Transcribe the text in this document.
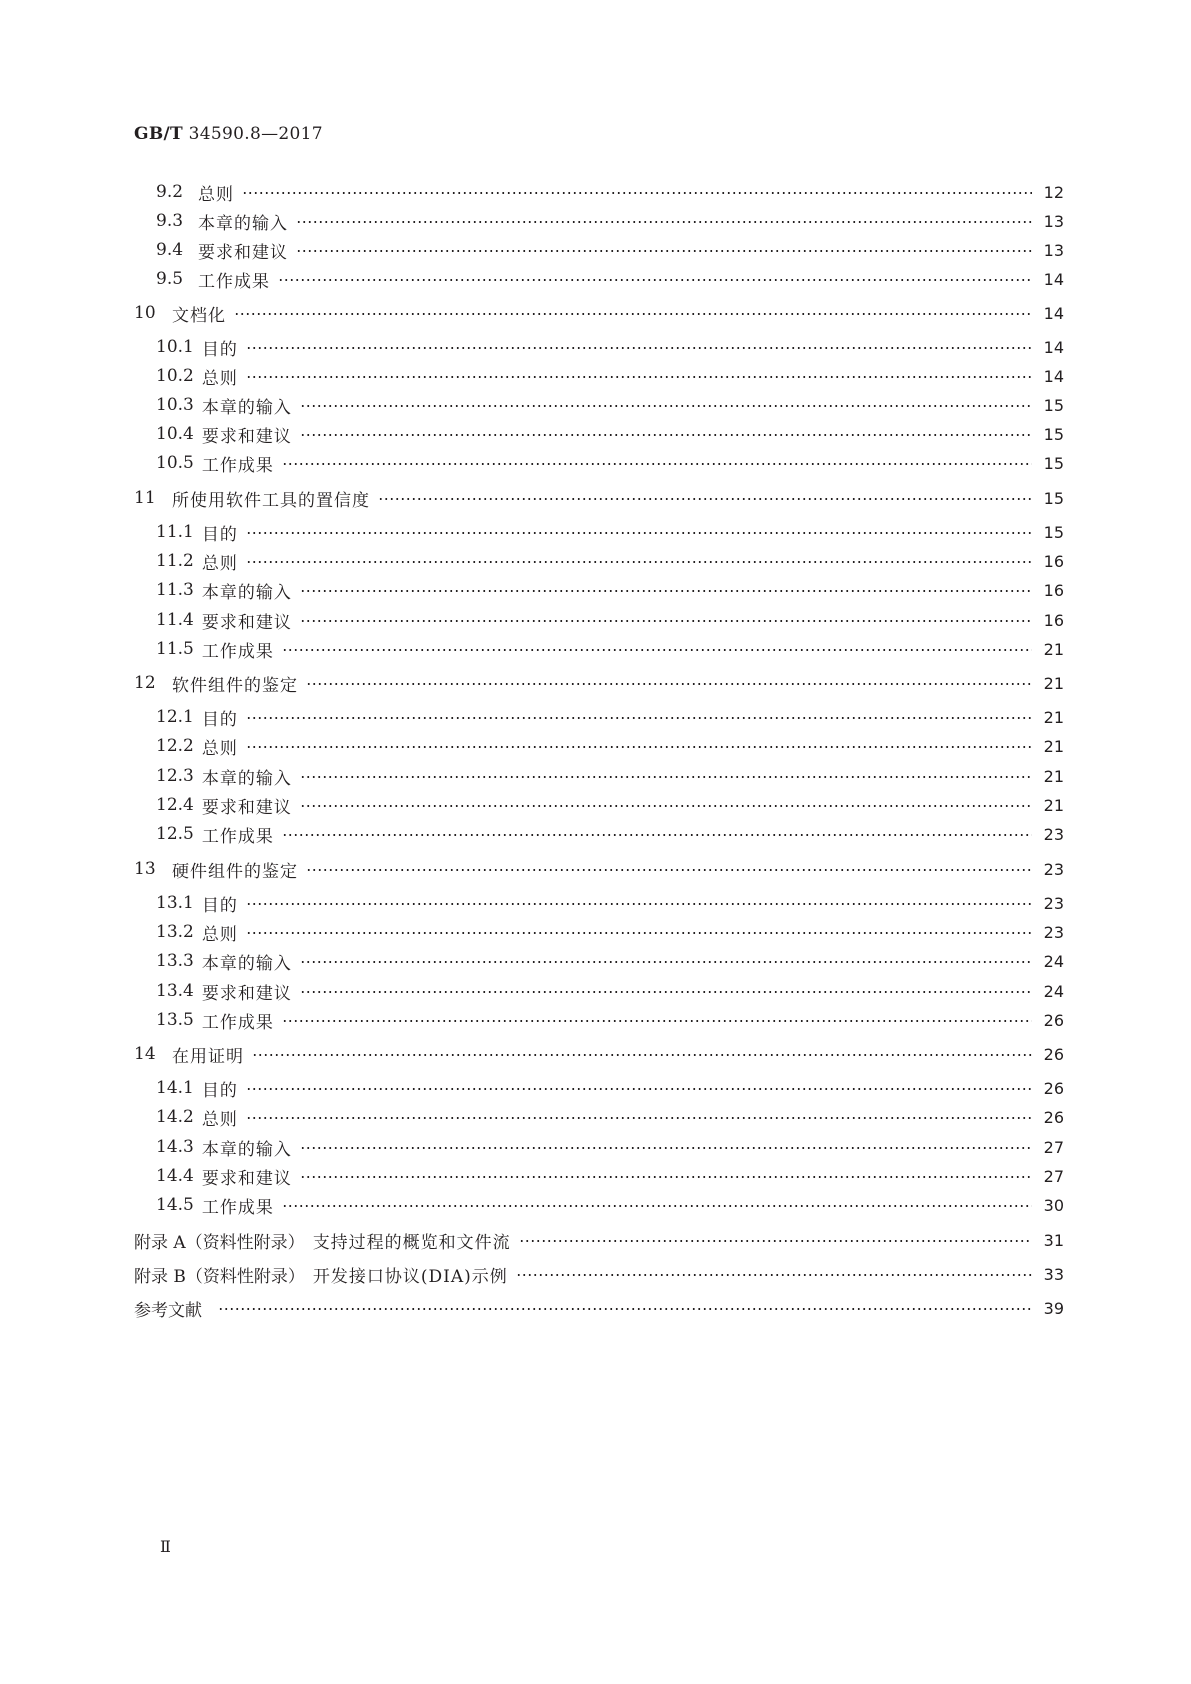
GB/T 34590.8—2017
9.2 总则	12
9.3 本章的输入	13
9.4 要求和建议	13
9.5 工作成果	14
10 文档化	14
10.1 目的	14
10.2 总则	14
10.3 本章的输入	15
10.4 要求和建议	15
10.5 工作成果	15
11 所使用软件工具的置信度	15
11.1 目的	15
11.2 总则	16
11.3 本章的输入	16
11.4 要求和建议	16
11.5 工作成果	21
12 软件组件的鉴定	21
12.1 目的	21
12.2 总则	21
12.3 本章的输入	21
12.4 要求和建议	21
12.5 工作成果	23
13 硬件组件的鉴定	23
13.1 目的	23
13.2 总则	23
13.3 本章的输入	24
13.4 要求和建议	24
13.5 工作成果	26
14 在用证明	26
14.1 目的	26
14.2 总则	26
14.3 本章的输入	27
14.4 要求和建议	27
14.5 工作成果	30
附录 A（资料性附录） 支持过程的概览和文件流	31
附录 B（资料性附录） 开发接口协议(DIA)示例	33
参考文献	39
Ⅱ
